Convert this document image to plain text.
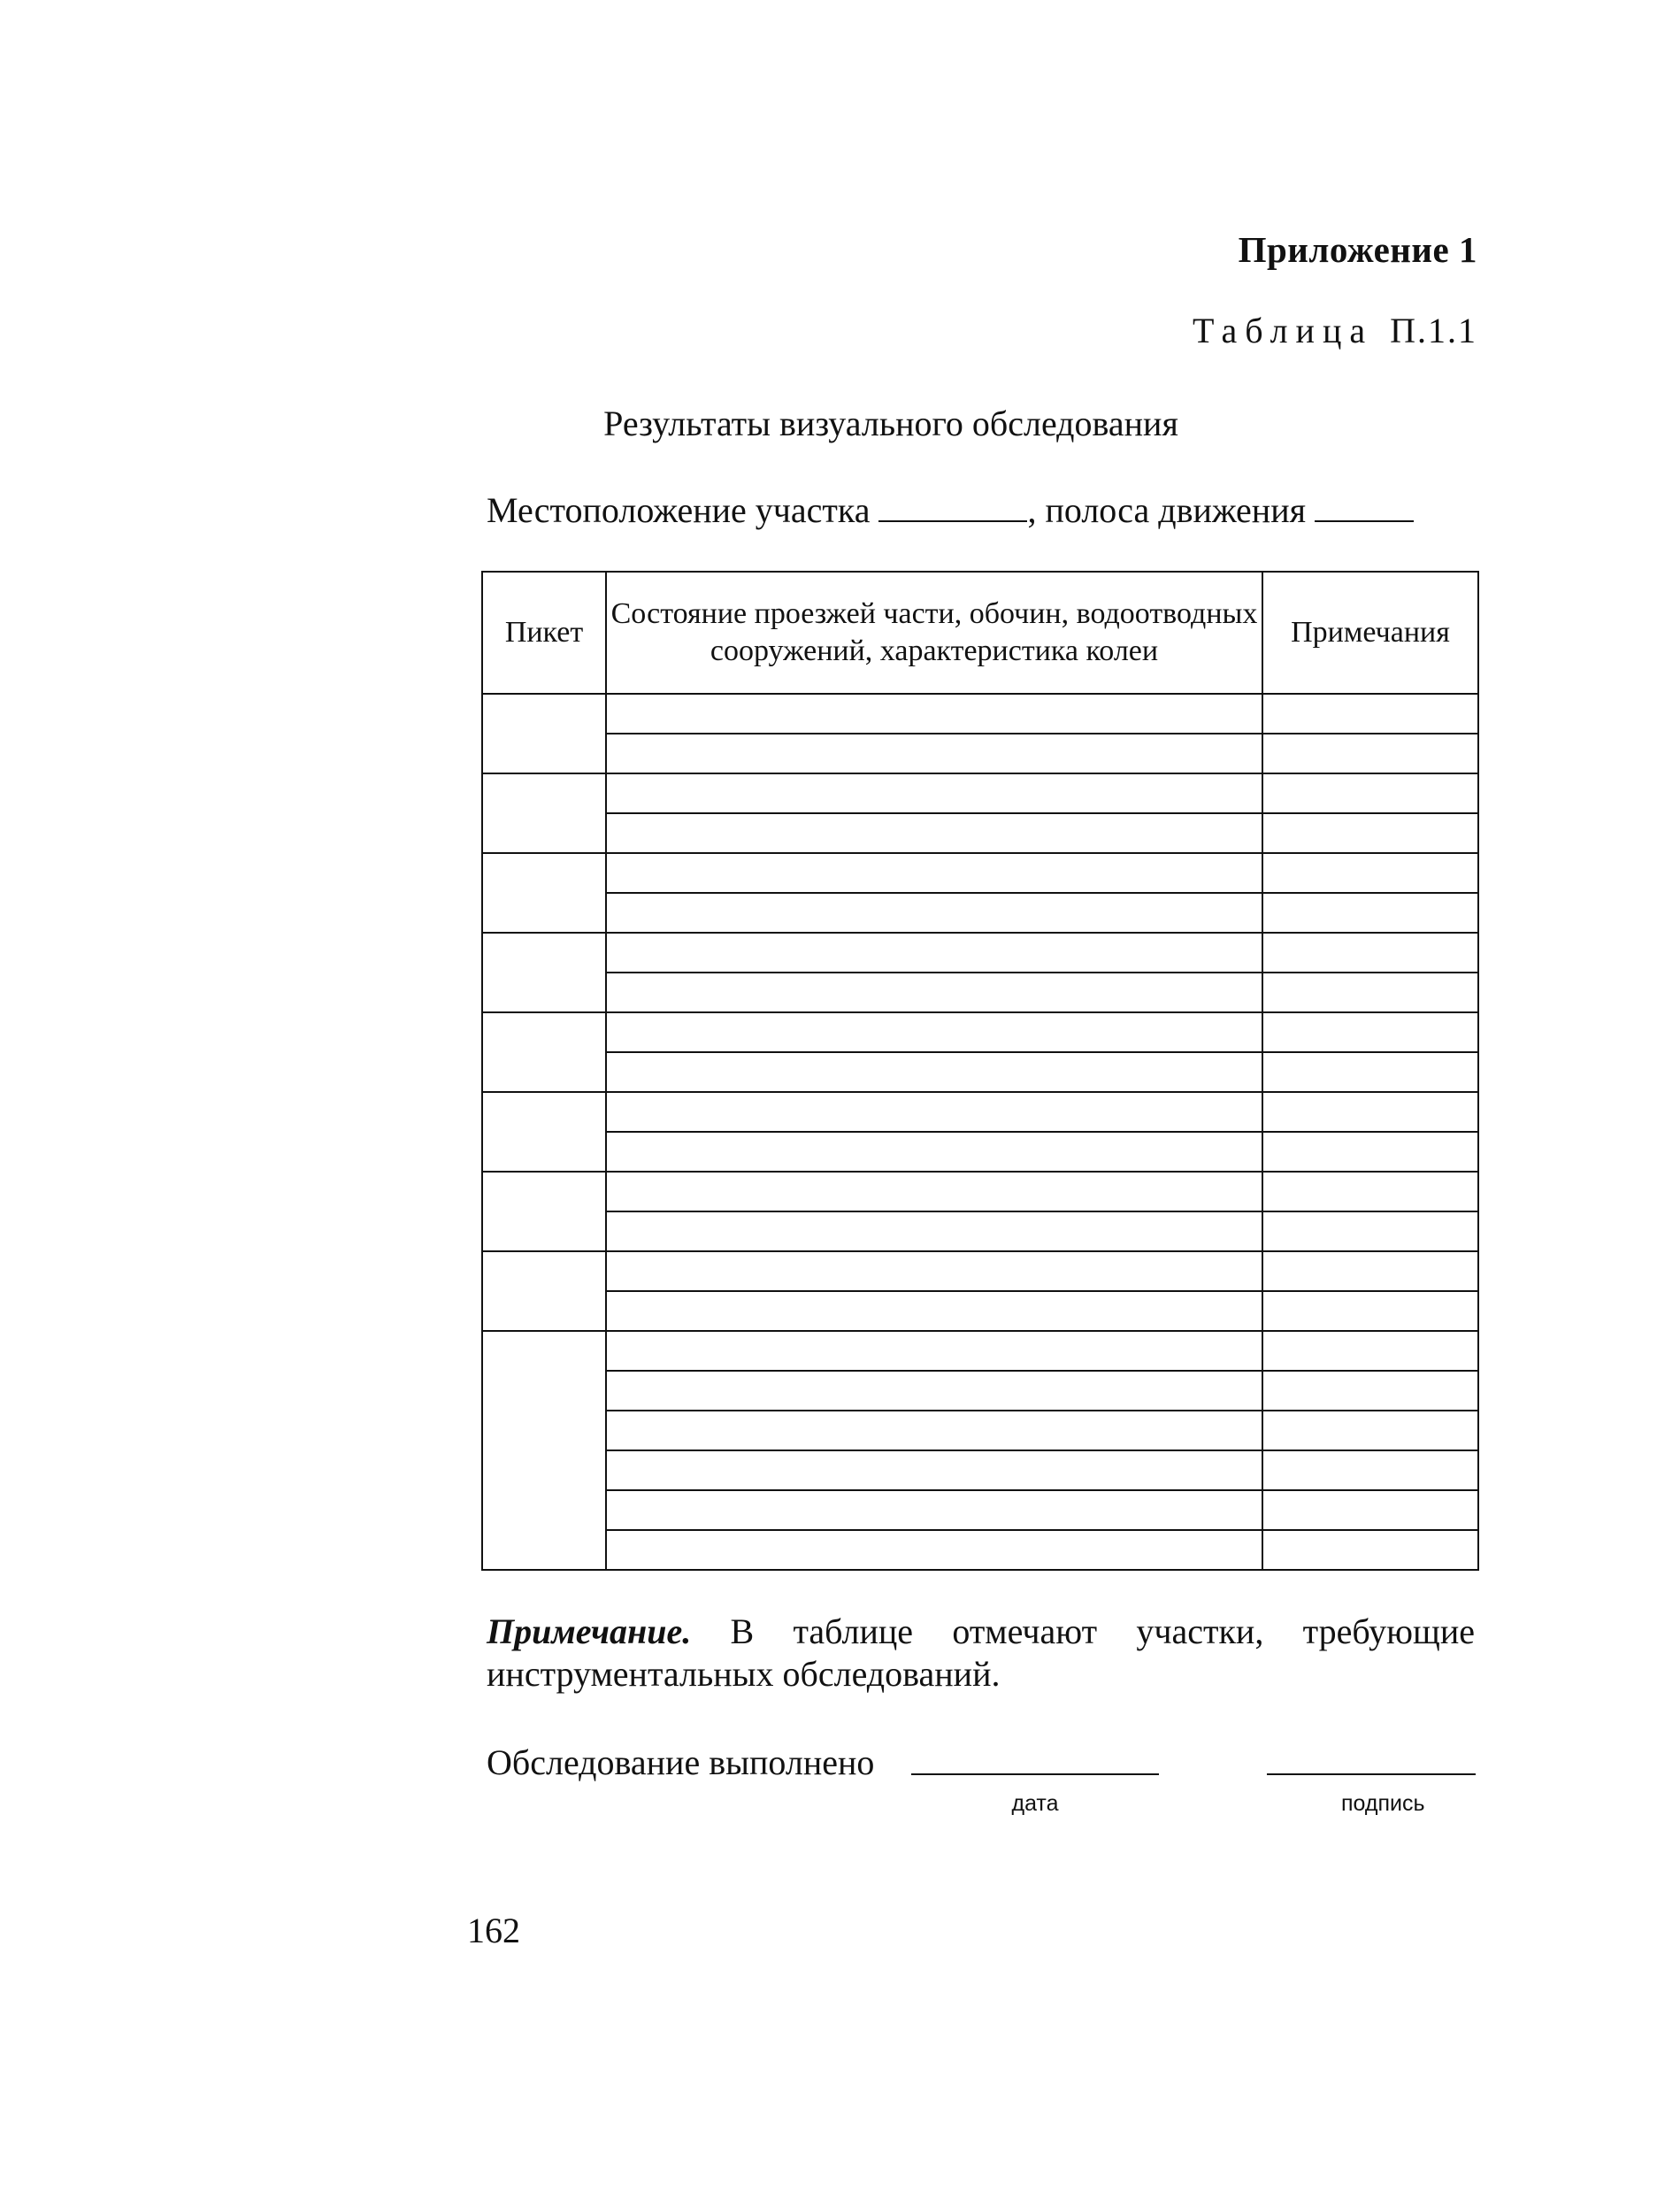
Приложение 1
Таблица П.1.1
Результаты визуального обследования
Местоположение участка	, полоса движения
Пикет	Состояние проезжей части, обочин, водоотводных сооружений, характеристика колеи	Примечания

Примечание. В таблице отмечают участки, требующие инструментальных обследований.
Обследование выполнено
дата	подпись
162
